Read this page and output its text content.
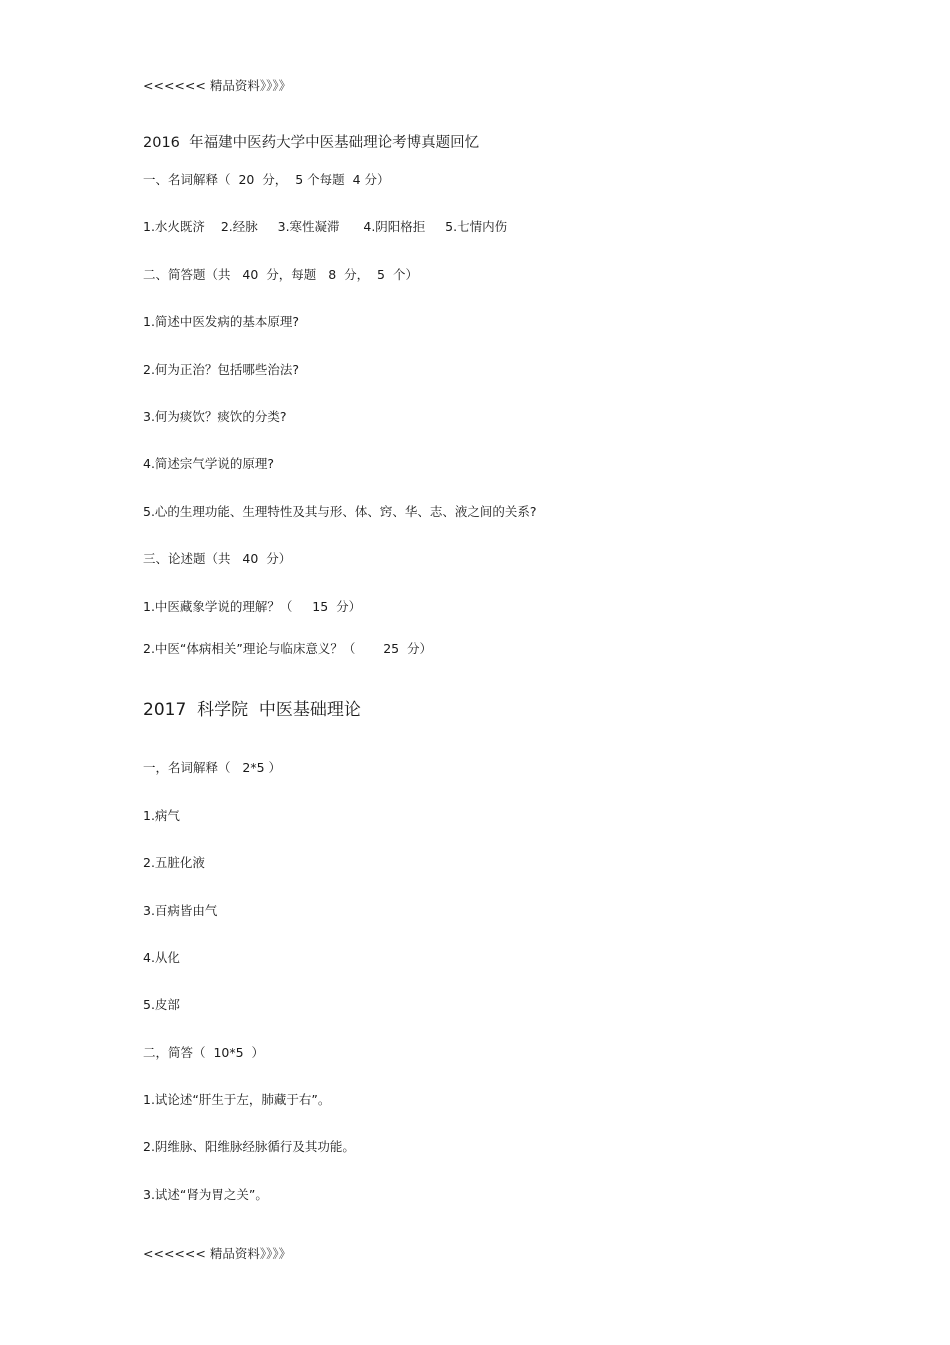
<<<<<< 精品资料》》》》
2016  年福建中医药大学中医基础理论考博真题回忆
一、名词解释（  20  分，  5 个每题  4 分）
1.水火既济    2.经脉     3.寒性凝滞      4.阴阳格拒     5.七情内伤
二、简答题（共   40  分，每题   8  分，  5  个）
1.简述中医发病的基本原理?
2.何为正治？包括哪些治法?
3.何为痰饮？痰饮的分类?
4.简述宗气学说的原理?
5.心的生理功能、生理特性及其与形、体、窍、华、志、液之间的关系?
三、论述题（共   40  分）
1.中医藏象学说的理解？（     15  分）
2.中医“体病相关”理论与临床意义？（       25  分）
2017  科学院  中医基础理论
一，名词解释（   2*5 ）
1.病气
2.五脏化液
3.百病皆由气
4.从化
5.皮部
二，简答（  10*5  ）
1.试论述“肝生于左，肺藏于右”。
2.阴维脉、阳维脉经脉循行及其功能。
3.试述“肾为胃之关”。
<<<<<< 精品资料》》》》
